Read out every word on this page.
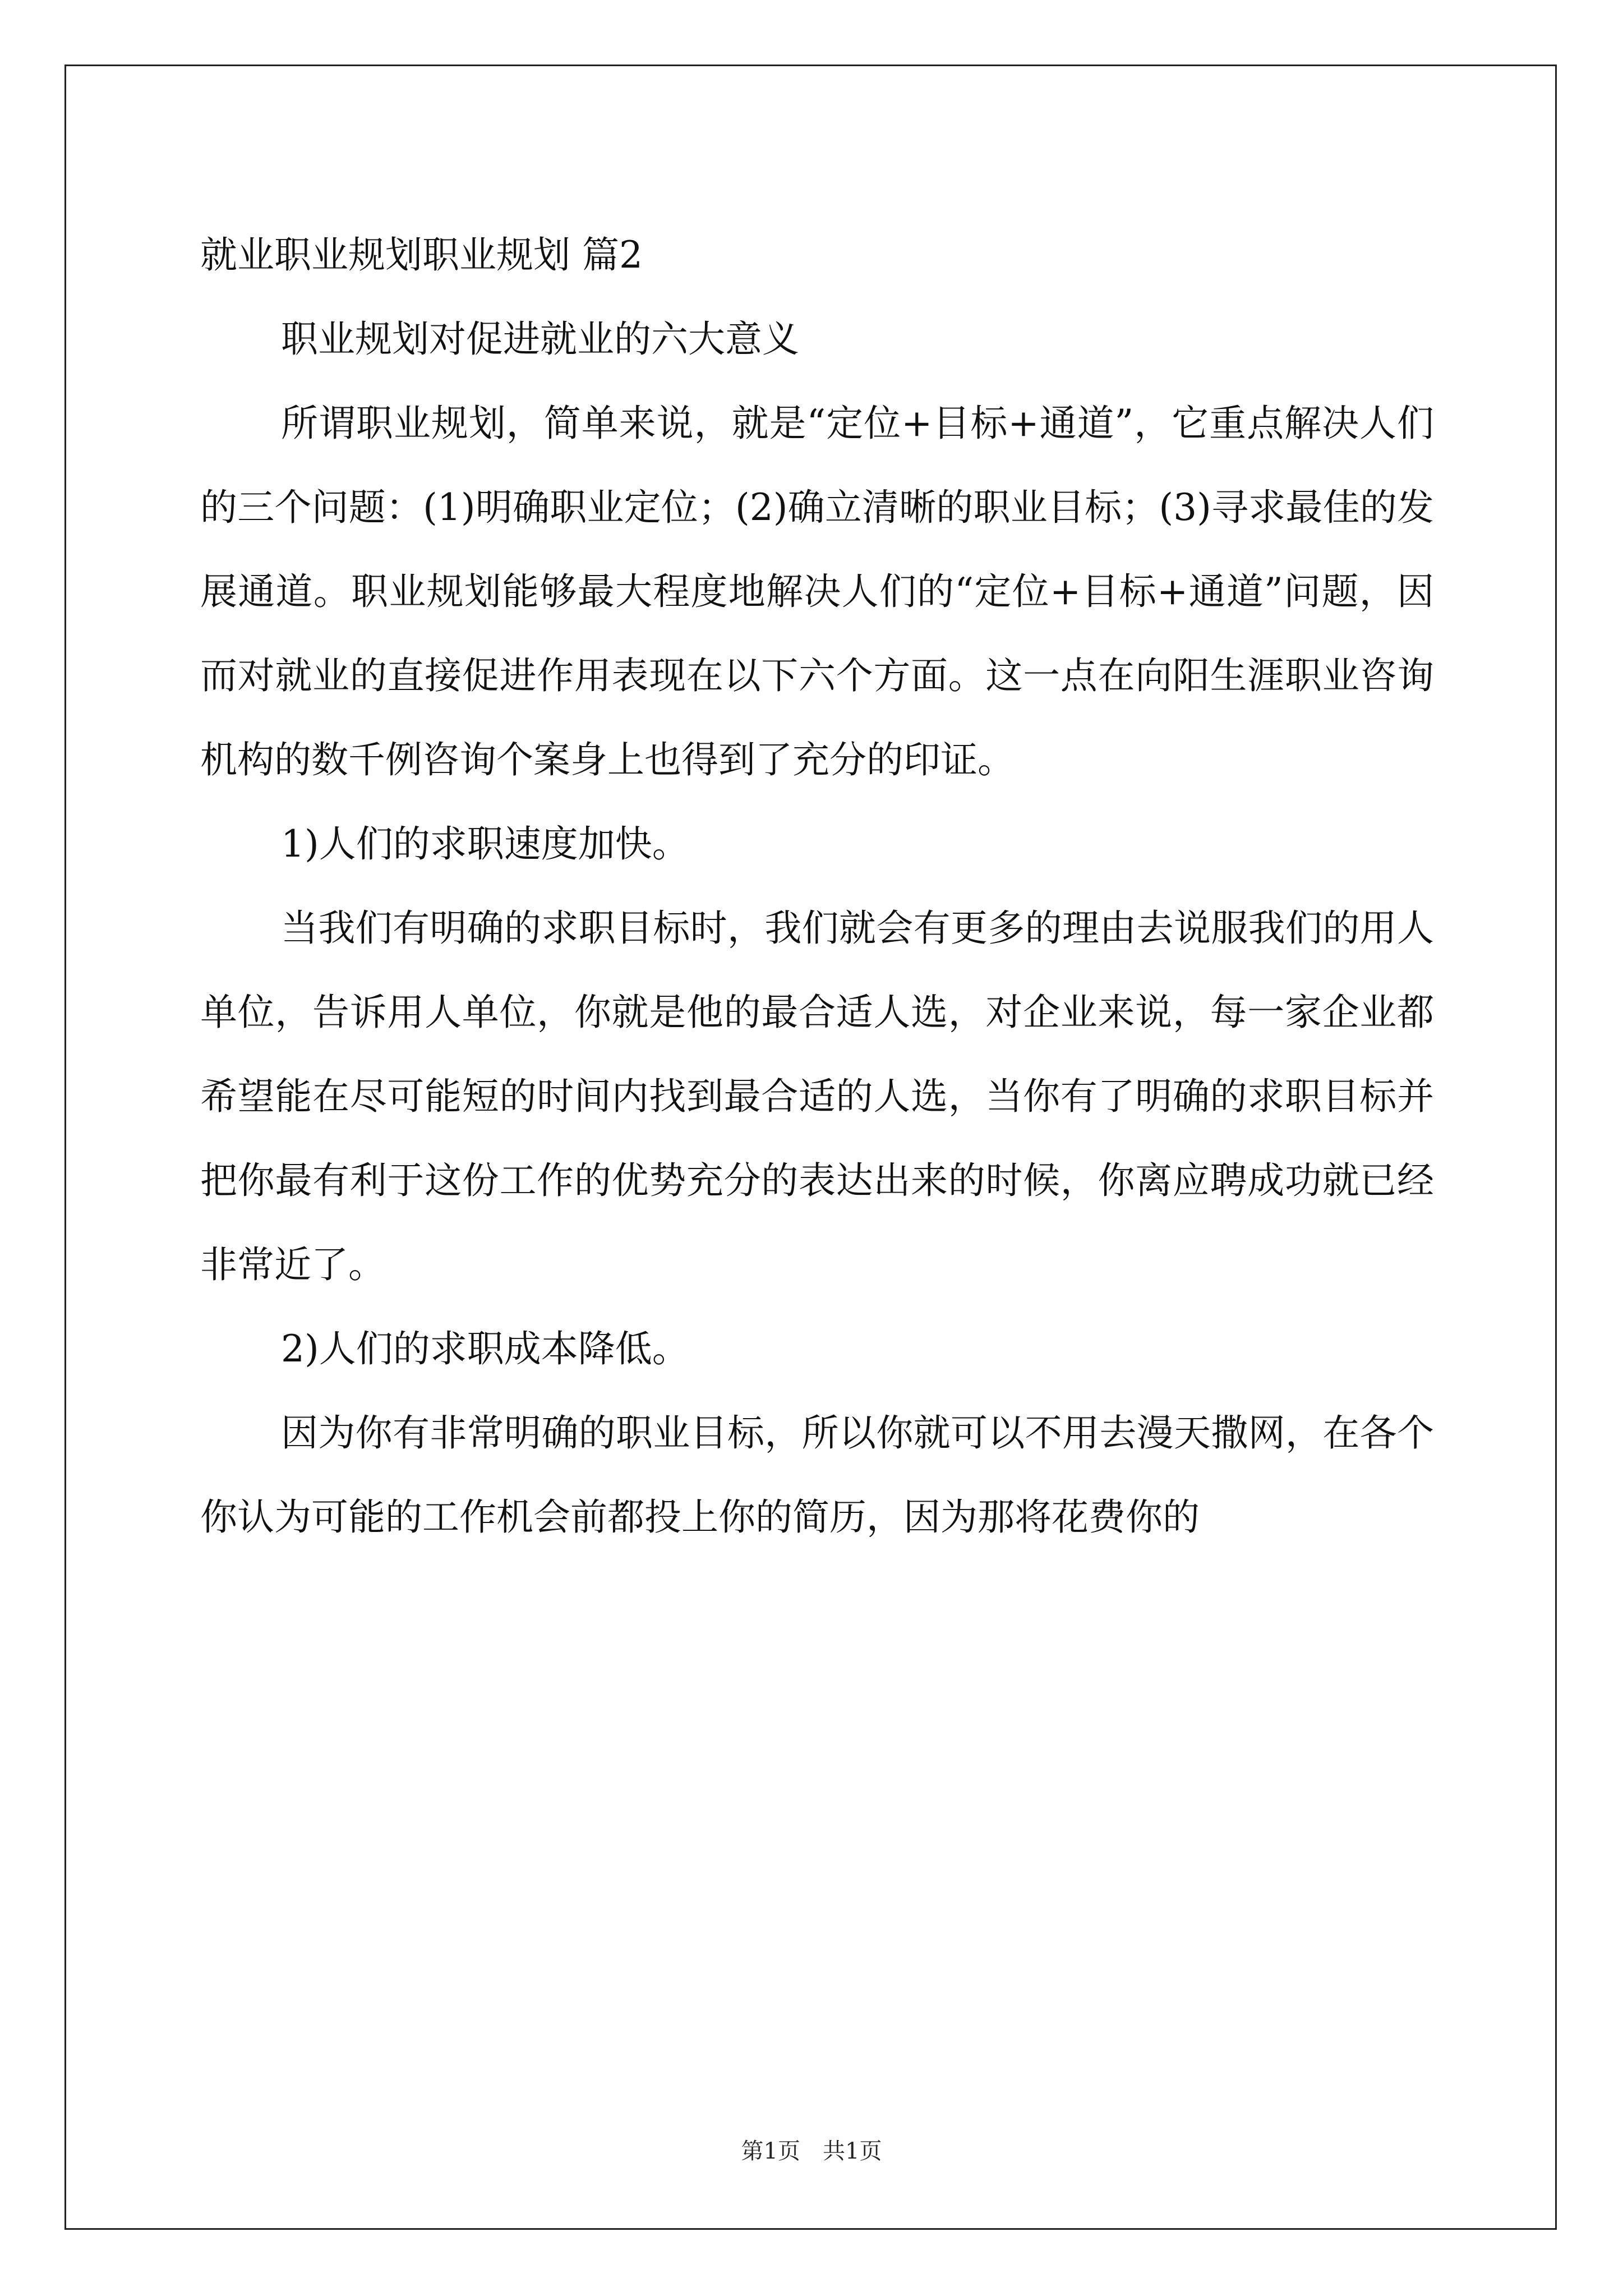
就业职业规划职业规划 篇2

职业规划对促进就业的六大意义

所谓职业规划，简单来说，就是“定位+目标+通道”，它重点解决人们的三个问题：(1)明确职业定位；(2)确立清晰的职业目标；(3)寻求最佳的发展通道。职业规划能够最大程度地解决人们的“定位+目标+通道”问题，因而对就业的直接促进作用表现在以下六个方面。这一点在向阳生涯职业咨询机构的数千例咨询个案身上也得到了充分的印证。

1)人们的求职速度加快。

当我们有明确的求职目标时，我们就会有更多的理由去说服我们的用人单位，告诉用人单位，你就是他的最合适人选，对企业来说，每一家企业都希望能在尽可能短的时间内找到最合适的人选，当你有了明确的求职目标并把你最有利于这份工作的优势充分的表达出来的时候，你离应聘成功就已经非常近了。

2)人们的求职成本降低。

因为你有非常明确的职业目标，所以你就可以不用去漫天撒网，在各个你认为可能的工作机会前都投上你的简历，因为那将花费你的

第1页 共1页
